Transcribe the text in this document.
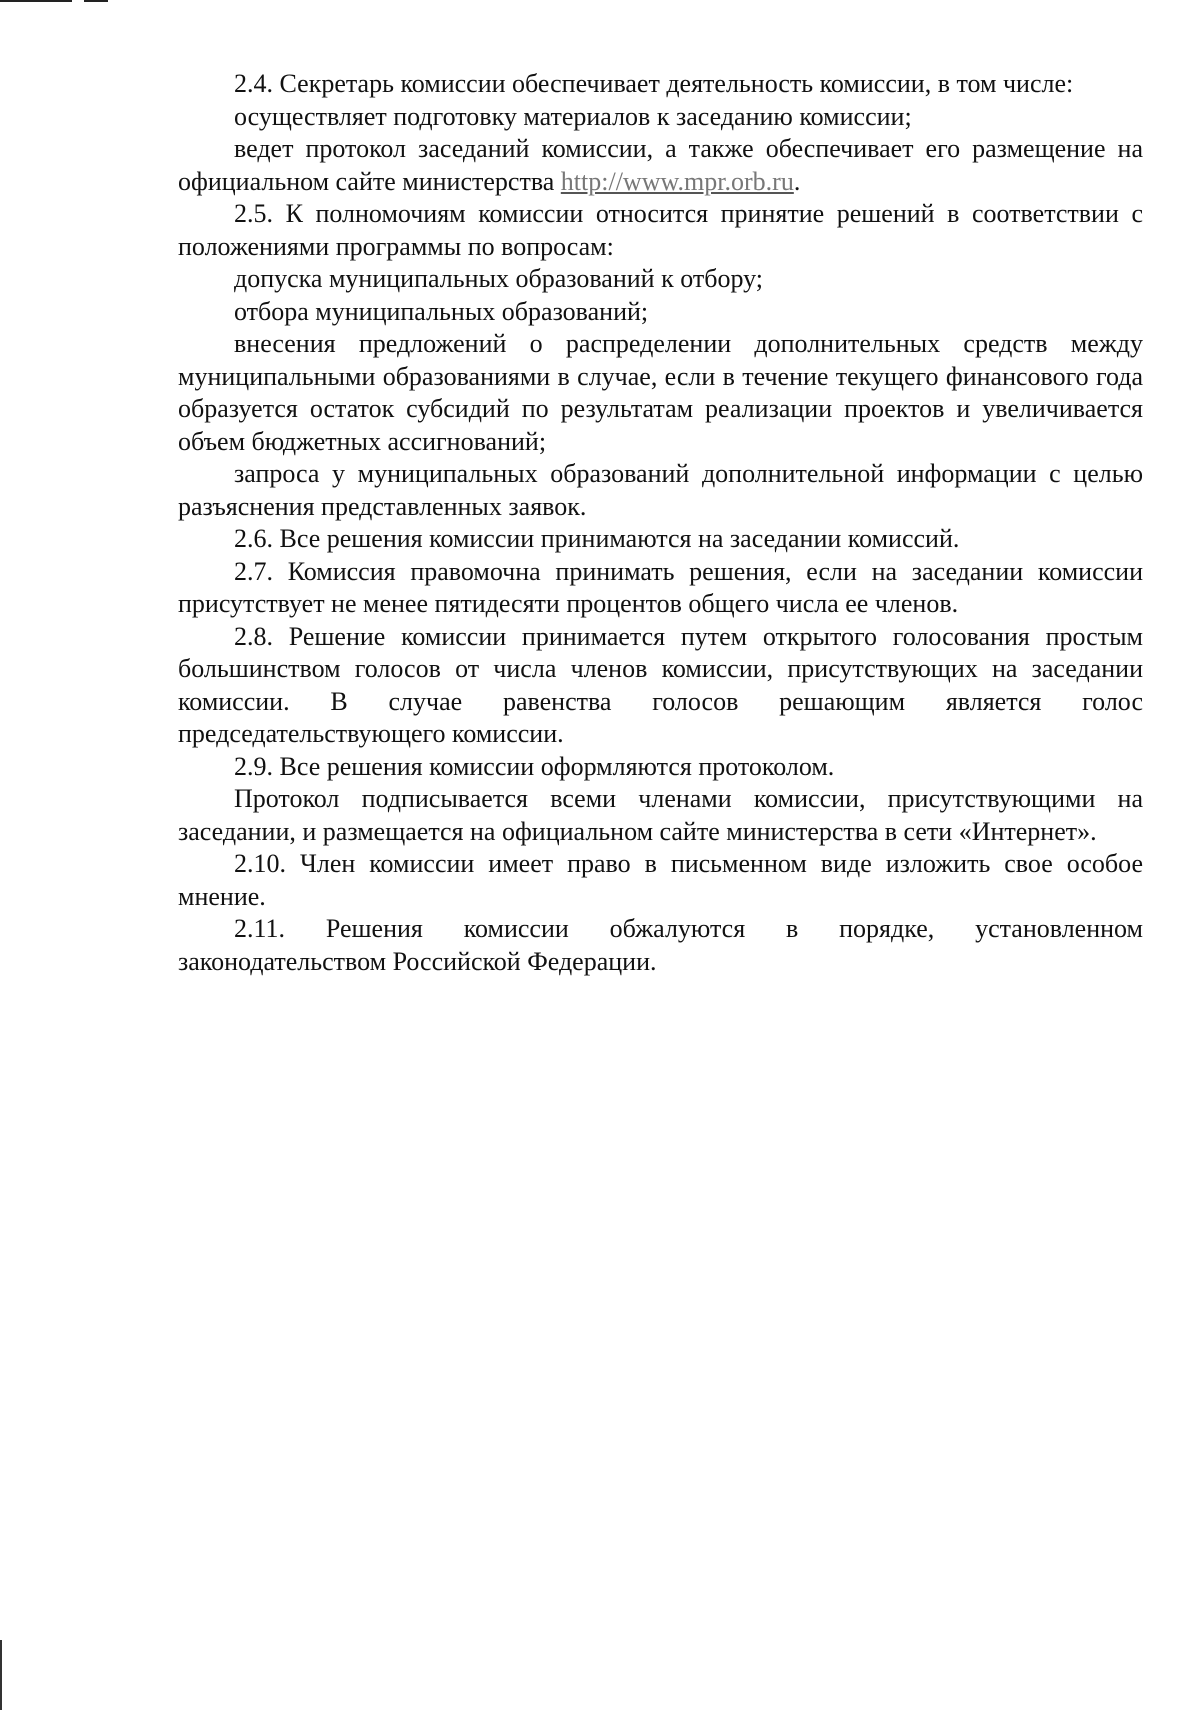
2.4. Секретарь комиссии обеспечивает деятельность комиссии, в том числе:

осуществляет подготовку материалов к заседанию комиссии;

ведет протокол заседаний комиссии, а также обеспечивает его размещение на официальном сайте министерства http://www.mpr.orb.ru.

2.5. К полномочиям комиссии относится принятие решений в соответствии с положениями программы по вопросам:

допуска муниципальных образований к отбору;

отбора муниципальных образований;

внесения предложений о распределении дополнительных средств между муниципальными образованиями в случае, если в течение текущего финансового года образуется остаток субсидий по результатам реализации проектов и увеличивается объем бюджетных ассигнований;

запроса у муниципальных образований дополнительной информации с целью разъяснения представленных заявок.

2.6. Все решения комиссии принимаются на заседании комиссий.

2.7. Комиссия правомочна принимать решения, если на заседании комиссии присутствует не менее пятидесяти процентов общего числа ее членов.

2.8. Решение комиссии принимается путем открытого голосования простым большинством голосов от числа членов комиссии, присутствующих на заседании комиссии. В случае равенства голосов решающим является голос председательствующего комиссии.

2.9. Все решения комиссии оформляются протоколом.

Протокол подписывается всеми членами комиссии, присутствующими на заседании, и размещается на официальном сайте министерства в сети «Интернет».

2.10. Член комиссии имеет право в письменном виде изложить свое особое мнение.

2.11. Решения комиссии обжалуются в порядке, установленном законодательством Российской Федерации.
